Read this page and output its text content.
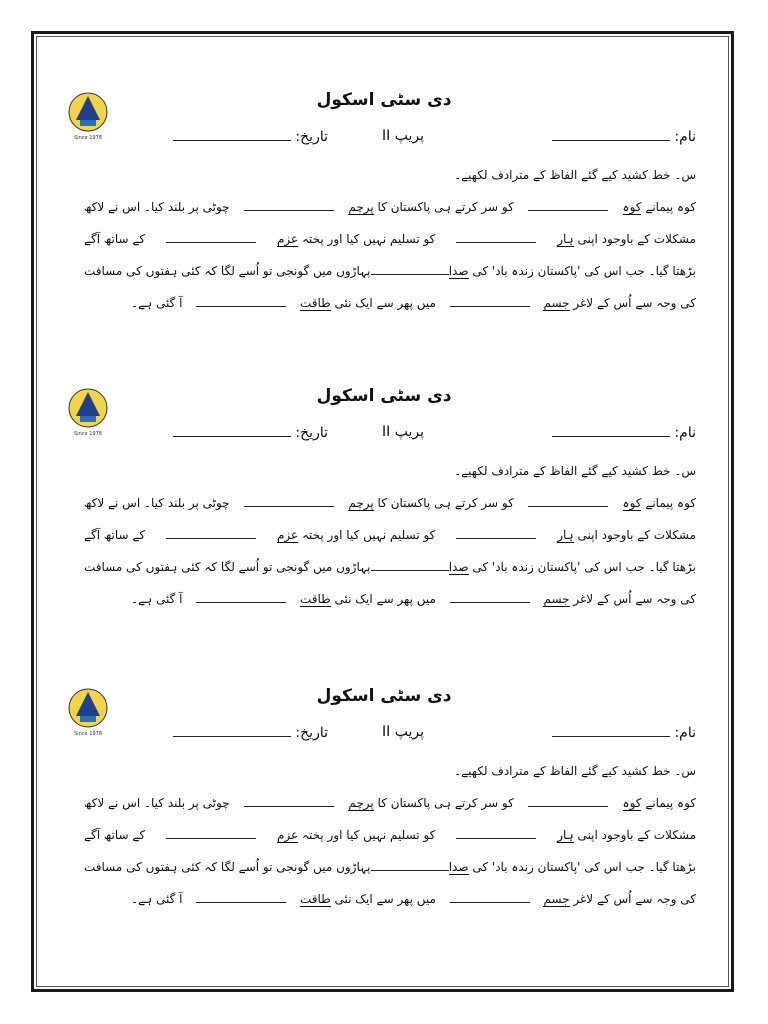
Since 1978
دی سٹی اسکول
نام:
پریپ II
تاریخ:
س۔ خط کشید کیے گئے الفاظ کے مترادف لکھیے۔
کوہ پیمانے کوہ
کو سر کرتے ہی پاکستان کا پرچم
چوٹی پر بلند کیا۔ اس نے لاکھ
مشکلات کے باوجود اپنی ہار
کو تسلیم نہیں کیا اور پختہ عزم
کے ساتھ آگے
بڑھتا گیا۔ جب اس کی 'پاکستان زندہ باد' کی صدا
پہاڑوں میں گونجی تو اُسے لگا کہ کئی ہفتوں کی مسافت
کی وجہ سے اُس کے لاغر جسم
میں پھر سے ایک نئی طاقت
آ گئی ہے۔
Since 1978
دی سٹی اسکول
نام:
پریپ II
تاریخ:
س۔ خط کشید کیے گئے الفاظ کے مترادف لکھیے۔
کوہ پیمانے کوہ
کو سر کرتے ہی پاکستان کا پرچم
چوٹی پر بلند کیا۔ اس نے لاکھ
مشکلات کے باوجود اپنی ہار
کو تسلیم نہیں کیا اور پختہ عزم
کے ساتھ آگے
بڑھتا گیا۔ جب اس کی 'پاکستان زندہ باد' کی صدا
پہاڑوں میں گونجی تو اُسے لگا کہ کئی ہفتوں کی مسافت
کی وجہ سے اُس کے لاغر جسم
میں پھر سے ایک نئی طاقت
آ گئی ہے۔
Since 1978
دی سٹی اسکول
نام:
پریپ II
تاریخ:
س۔ خط کشید کیے گئے الفاظ کے مترادف لکھیے۔
کوہ پیمانے کوہ
کو سر کرتے ہی پاکستان کا پرچم
چوٹی پر بلند کیا۔ اس نے لاکھ
مشکلات کے باوجود اپنی ہار
کو تسلیم نہیں کیا اور پختہ عزم
کے ساتھ آگے
بڑھتا گیا۔ جب اس کی 'پاکستان زندہ باد' کی صدا
پہاڑوں میں گونجی تو اُسے لگا کہ کئی ہفتوں کی مسافت
کی وجہ سے اُس کے لاغر جسم
میں پھر سے ایک نئی طاقت
آ گئی ہے۔
